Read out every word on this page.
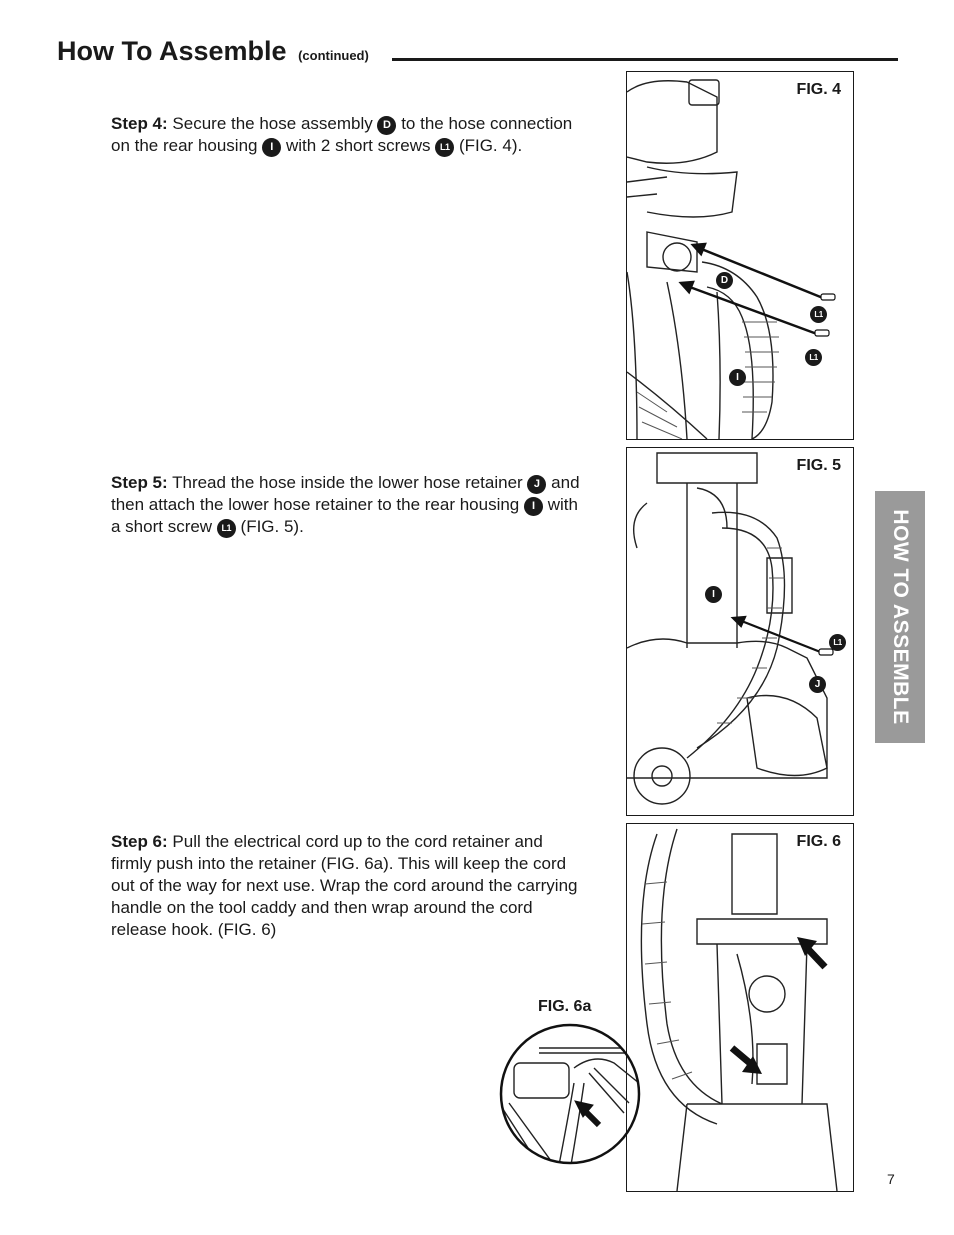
How To Assemble (continued)

Step 4: Secure the hose assembly D to the hose connection on the rear housing I with 2 short screws L1 (FIG. 4).

Step 5: Thread the hose inside the lower hose retainer J and then attach the lower hose retainer to the rear housing I with a short screw L1 (FIG. 5).

Step 6: Pull the electrical cord up to the cord retainer and firmly push into the retainer (FIG. 6a). This will keep the cord out of the way for next use. Wrap the cord around the carrying handle on the tool caddy and then wrap around the cord release hook. (FIG. 6)

FIG. 4
D
L1
L1
I
FIG. 5
I
L1
J
FIG. 6
FIG. 6a
HOW TO ASSEMBLE
7
